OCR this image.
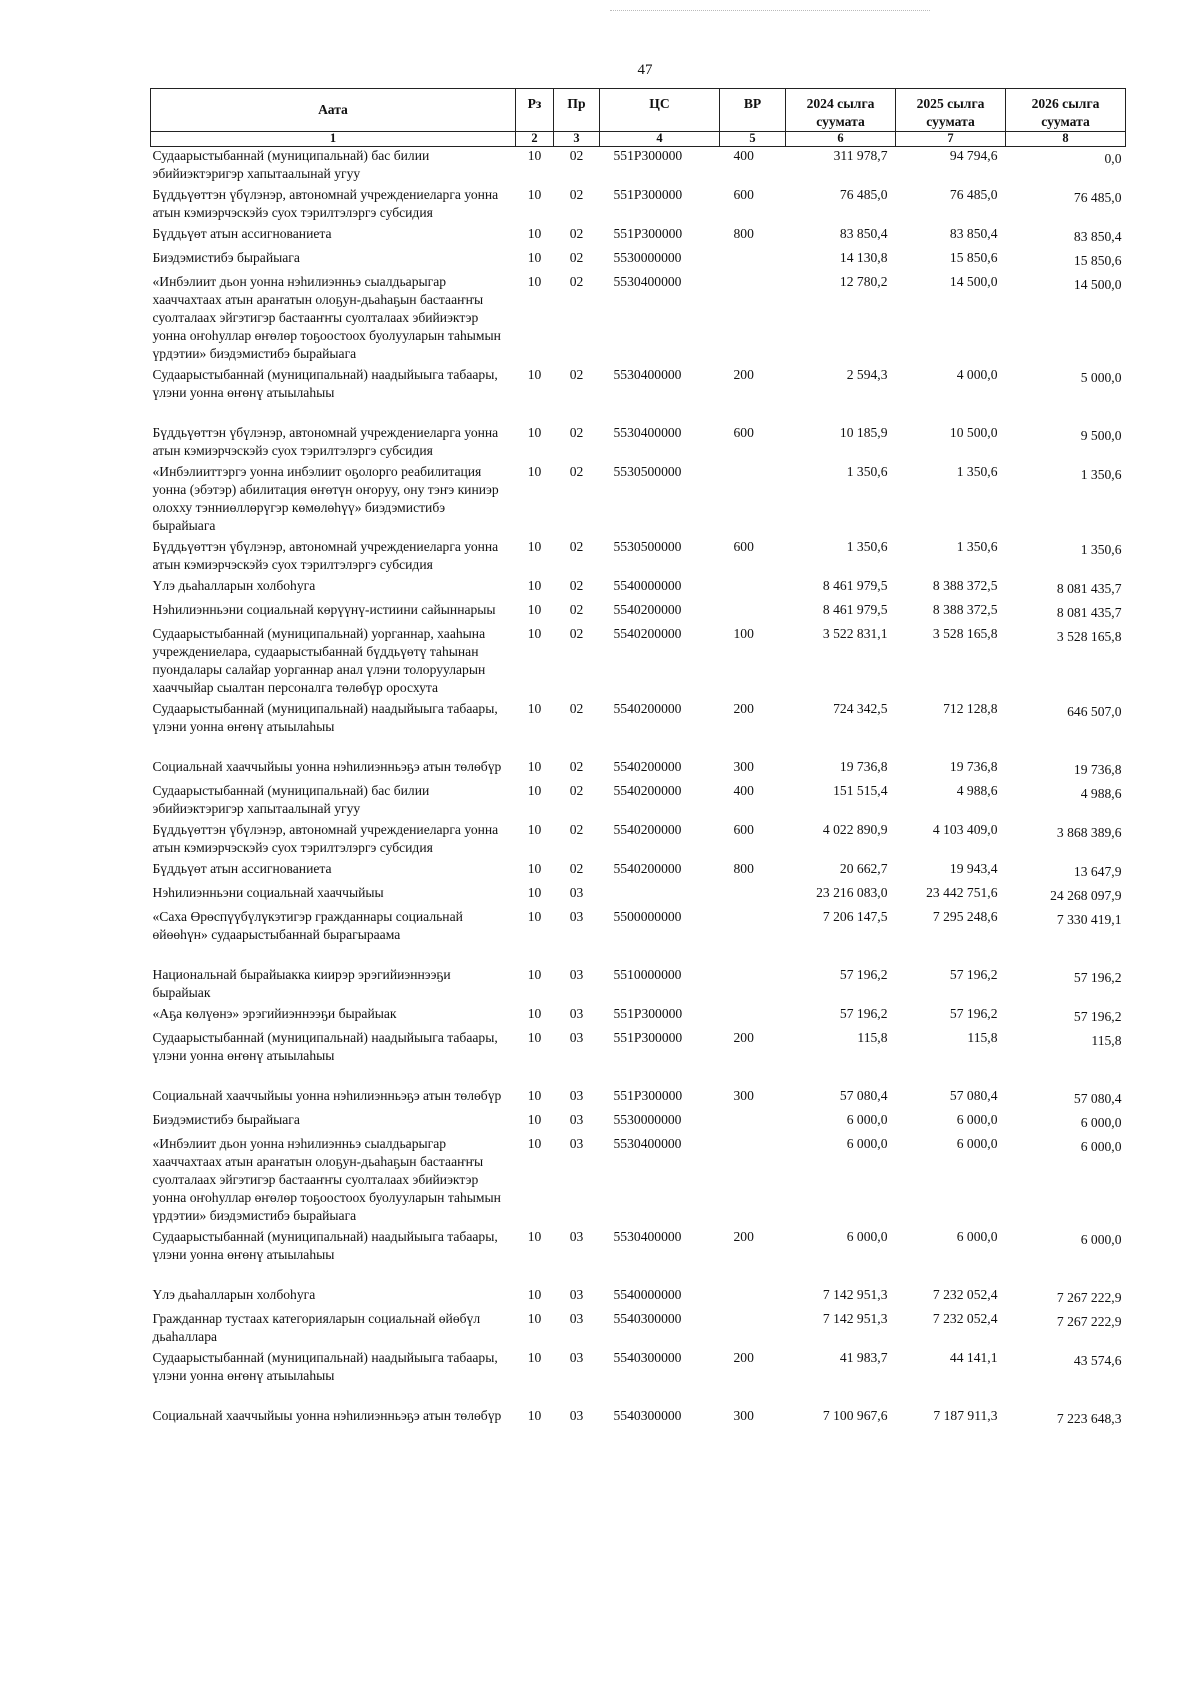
47
Аата	Рз	Пр	ЦС	ВР	2024 сылга суумата	2025 сылга суумата	2026 сылга суумата
1	2	3	4	5	6	7	8
Судаарыстыбаннай (муниципальнай) бас билии эбийиэктэригэр хапытаалынай угуу	10	02	551Р300000	400	311 978,7	94 794,6	0,0
Бүддьүөттэн үбүлэнэр, автономнай учреждениеларга уонна атын кэмиэрчэскэйэ суох тэрилтэлэргэ субсидия	10	02	551Р300000	600	76 485,0	76 485,0	76 485,0
Бүддьүөт атын ассигнованиета	10	02	551Р300000	800	83 850,4	83 850,4	83 850,4
Биэдэмистибэ бырайыага	10	02	5530000000		14 130,8	15 850,6	15 850,6
«Инбэлиит дьон уонна нэһилиэнньэ сыалдьарыгар хааччахтаах атын араҥатын олоҕун-дьаһаҕын бастааҥҥы суолталаах эйгэтигэр бастааҥҥы суолталаах эбийиэктэр уонна оҥоһуллар өҥөлөр тоҕоостоох буолууларын таһымын үрдэтии» биэдэмистибэ бырайыага	10	02	5530400000		12 780,2	14 500,0	14 500,0
Судаарыстыбаннай (муниципальнай) наадыйыыга табаары, үлэни уонна өҥөнү атыылаһыы	10	02	5530400000	200	2 594,3	4 000,0	5 000,0
Бүддьүөттэн үбүлэнэр, автономнай учреждениеларга уонна атын кэмиэрчэскэйэ суох тэрилтэлэргэ субсидия	10	02	5530400000	600	10 185,9	10 500,0	9 500,0
«Инбэлииттэргэ уонна инбэлиит оҕолорго реабилитация уонна (эбэтэр) абилитация өҥөтүн оҥоруу, ону тэҥэ киниэр олохху тэнниөллөрүгэр көмөлөһүү» биэдэмистибэ бырайыага	10	02	5530500000		1 350,6	1 350,6	1 350,6
Бүддьүөттэн үбүлэнэр, автономнай учреждениеларга уонна атын кэмиэрчэскэйэ суох тэрилтэлэргэ субсидия	10	02	5530500000	600	1 350,6	1 350,6	1 350,6
Үлэ дьаһалларын холбоһуга	10	02	5540000000		8 461 979,5	8 388 372,5	8 081 435,7
Нэһилиэнньэни социальнай көрүүнү-истиини сайыннарыы	10	02	5540200000		8 461 979,5	8 388 372,5	8 081 435,7
Судаарыстыбаннай (муниципальнай) уорганнар, хааһына учреждениелара, судаарыстыбаннай бүддьүөтү таһынан пуондалары салайар уорганнар анал үлэни толорууларын хааччыйар сыалтан персоналга төлөбүр оросхута	10	02	5540200000	100	3 522 831,1	3 528 165,8	3 528 165,8
Судаарыстыбаннай (муниципальнай) наадыйыыга табаары, үлэни уонна өҥөнү атыылаһыы	10	02	5540200000	200	724 342,5	712 128,8	646 507,0
Социальнай хааччыйыы уонна нэһилиэнньэҕэ атын төлөбүр	10	02	5540200000	300	19 736,8	19 736,8	19 736,8
Судаарыстыбаннай (муниципальнай) бас билии эбийиэктэригэр хапытаалынай угуу	10	02	5540200000	400	151 515,4	4 988,6	4 988,6
Бүддьүөттэн үбүлэнэр, автономнай учреждениеларга уонна атын кэмиэрчэскэйэ суох тэрилтэлэргэ субсидия	10	02	5540200000	600	4 022 890,9	4 103 409,0	3 868 389,6
Бүддьүөт атын ассигнованиета	10	02	5540200000	800	20 662,7	19 943,4	13 647,9
Нэһилиэнньэни социальнай хааччыйыы	10	03			23 216 083,0	23 442 751,6	24 268 097,9
«Саха Өрөспүүбүлүкэтигэр гражданнары социальнай өйөөһүн» судаарыстыбаннай бырагыраама	10	03	5500000000		7 206 147,5	7 295 248,6	7 330 419,1
Национальнай бырайыакка киирэр эрэгийиэннээҕи бырайыак	10	03	5510000000		57 196,2	57 196,2	57 196,2
«Аҕа көлүөнэ» эрэгийиэннээҕи бырайыак	10	03	551Р300000		57 196,2	57 196,2	57 196,2
Судаарыстыбаннай (муниципальнай) наадыйыыга табаары, үлэни уонна өҥөнү атыылаһыы	10	03	551Р300000	200	115,8	115,8	115,8
Социальнай хааччыйыы уонна нэһилиэнньэҕэ атын төлөбүр	10	03	551Р300000	300	57 080,4	57 080,4	57 080,4
Биэдэмистибэ бырайыага	10	03	5530000000		6 000,0	6 000,0	6 000,0
«Инбэлиит дьон уонна нэһилиэнньэ сыалдьарыгар хааччахтаах атын араҥатын олоҕун-дьаһаҕын бастааҥҥы суолталаах эйгэтигэр бастааҥҥы суолталаах эбийиэктэр уонна оҥоһуллар өҥөлөр тоҕоостоох буолууларын таһымын үрдэтии» биэдэмистибэ бырайыага	10	03	5530400000		6 000,0	6 000,0	6 000,0
Судаарыстыбаннай (муниципальнай) наадыйыыга табаары, үлэни уонна өҥөнү атыылаһыы	10	03	5530400000	200	6 000,0	6 000,0	6 000,0
Үлэ дьаһалларын холбоһуга	10	03	5540000000		7 142 951,3	7 232 052,4	7 267 222,9
Гражданнар тустаах категорияларын социальнай өйөбүл дьаһаллара	10	03	5540300000		7 142 951,3	7 232 052,4	7 267 222,9
Судаарыстыбаннай (муниципальнай) наадыйыыга табаары, үлэни уонна өҥөнү атыылаһыы	10	03	5540300000	200	41 983,7	44 141,1	43 574,6
Социальнай хааччыйыы уонна нэһилиэнньэҕэ атын төлөбүр	10	03	5540300000	300	7 100 967,6	7 187 911,3	7 223 648,3
